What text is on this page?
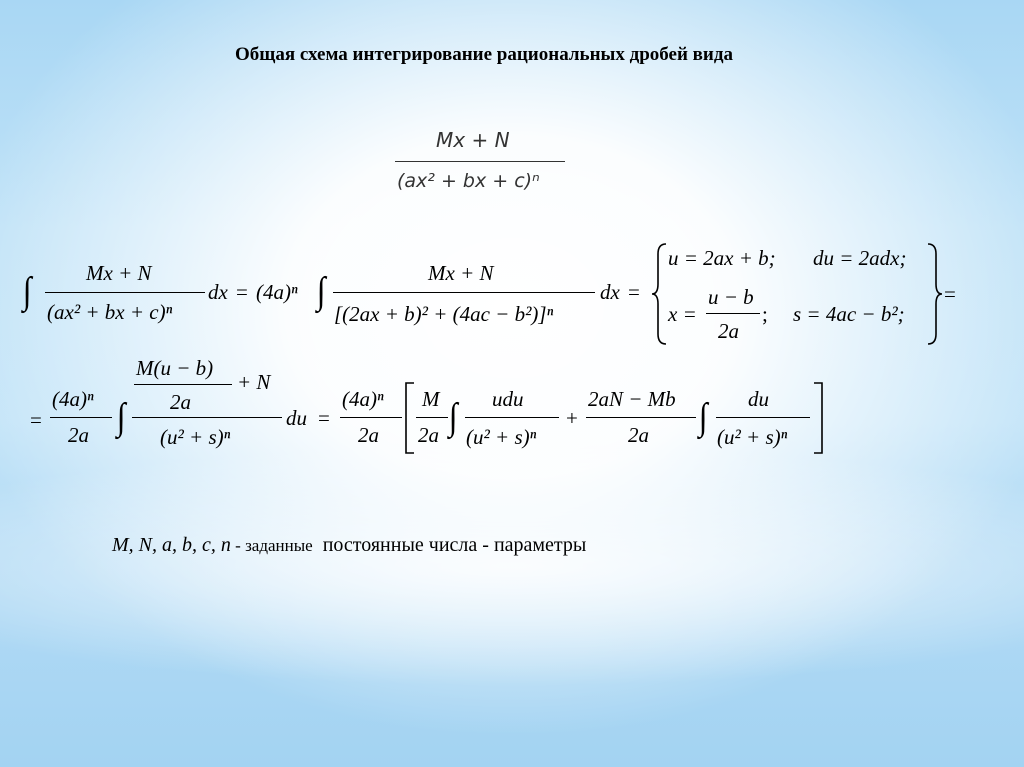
Общая схема интегрирование рациональных дробей вида
Mx + N
(ax² + bx + c)ⁿ
∫	Mx + N
(ax² + bx + c)ⁿ
dx = (4a)ⁿ ∫	Mx + N
[(2ax + b)² + (4ac − b²)]ⁿ
dx =
u = 2ax + b; du = 2adx;
x =
u − b
2a
; s = 4ac − b²;
=
=
(4a)ⁿ
2a ∫
M(u − b)
2a
+ N
(u² + s)ⁿ
du =
(4a)ⁿ
2a
M
2a ∫ udu
(u² + s)ⁿ
+
2aN − Mb
2a ∫ du
(u² + s)ⁿ
M, N, a, b, c, n - заданные  постоянные числа - параметры
